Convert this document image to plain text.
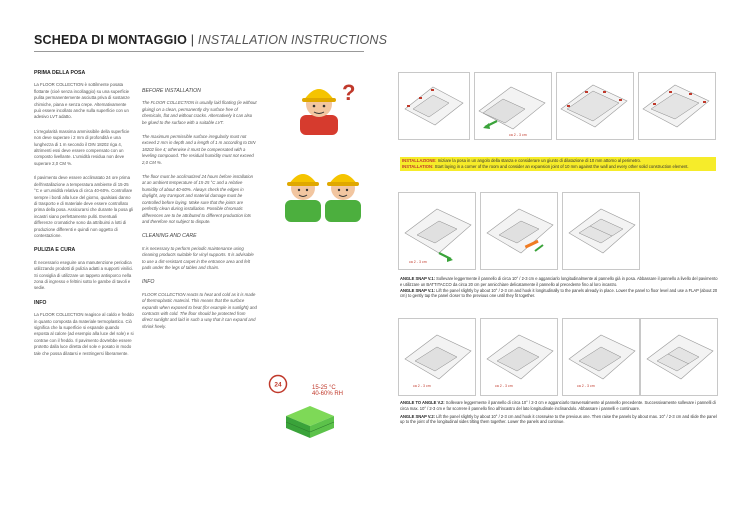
SCHEDA DI MONTAGGIO | INSTALLATION INSTRUCTIONS
PRIMA DELLA POSA
La FLOOR COLLECTION è sottilmente posata flottante (cioè senza incollaggio) su una superficie pulita permanentemente asciutta priva di sostanze chimiche, piana e senza crepe. Alternativamente può essere incollato anche sulla superficie con un adesivo LVT adatto.
L'irregolarità massima ammissibile della superficie non deve superare i 2 mm di profondità e una lunghezza di 1 m secondo il DIN 18202 riga 4, altrimenti essi deve essere compensato con un composto livellante. L'umidità residua non deve superare 2,0 CM %.
Il pavimento deve essere acclimatato 24 ore prima dell'installazione a temperatura ambiente di 15-25 °C e un'umidità relativa di circa 40-60%. Controllare sempre i bordi alla luce del giorno, qualsiasi danno di trasporto e di materiale deve essere controllato prima della posa. Assicurarsi che durante la posa gli incastri siano perfettamente puliti. Eventuali differenze cromatiche sono da attribuirsi a lotti di produzione differenti e quindi non oggetto di contestazione.
PULIZIA E CURA
È necessario eseguire una manutenzione periodica utilizzando prodotti di pulizia adatti a supporti vinilici. Si consiglia di utilizzare un tappeto antisporco nella zona di ingresso e feltrini sotto le gambe di tavoli e sedie.
INFO
La FLOOR COLLECTION reagisce al caldo e freddo in quanto composta da materiale termoplastico. Ciò significa che la superficie si espande quando esposta al calore (ad esempio alla luce del sole) e si contrae con il freddo. Il pavimento dovrebbe essere protetto dalla luce diretta del sole e posato in modo tale che possa dilatarsi e restringersi liberamente.
BEFORE INSTALLATION
The FLOOR COLLECTION is usually laid floating (ie without gluing) on a clean, permanently dry surface free of chemicals, flat and without cracks. Alternatively it can also be glued to the surface with a suitable LVT.
The maximum permissible surface irregularity must not exceed 2 mm in depth and a length of 1 m according to DIN 18202 line 4; otherwise it must be compensated with a leveling compound. The residual humidity must not exceed 2,0 CM %.
The floor must be acclimatized 24 hours before installation at an ambient temperature of 15-25 °C and a relative humidity of about 40-60%. Always check the edges in daylight, any transport and material damage must be controlled before laying. Make sure that the joints are perfectly clean during installation. Possible chromatic differences are to be attributed to different production lots and therefore not subject to dispute.
CLEANING AND CARE
It is necessary to perform periodic maintenance using cleaning products suitable for vinyl supports. It is advisable to use a dirt-resistant carpet in the entrance area and felt pads under the legs of tables and chairs.
INFO
FLOOR COLLECTION reacts to heat and cold as it is made of thermoplastic material. This means that the surface expands when exposed to heat (for example in sunlight) and contracts with cold. The floor should be protected from direct sunlight and laid in such a way that it can expand and shrink freely.
?
24	15-25 °C
40-60% RH
ca 2 - 3 cm
INSTALLAZIONE: Iniziare la posa in un angolo della stanza e considerare un giunto di dilatazione di 10 mm attorno al perimetro.
INSTALLATION: Start laying in a corner of the room and consider an expansion joint of 10 mm against the wall and every other solid construction element.
ca 2 - 3 cm
ANGLE SNAP V.1: Sollevare leggermente il pannello di circa 10° / 2-3 cm e agganciarlo longitudinalmente al pannello già in posa. Abbassare il pannello a livello del pavimento e utilizzare un BATTITACCO da circa 20 cm per annicchiare delicatamente il pannello al precedente fino al loro incastro.
ANGLE SNAP V.1: Lift the panel slightly by about 10° / 2-3 cm and hook it longitudinally to the panels already in place. Lower the panel to floor level and use a FLAP (about 20 cm) to gently tap the panel closer to the previous one until they fit together.
ca 2 - 3 cm	ca 2 - 3 cm	ca 2 - 3 cm
ANGLE TO ANGLE V.2: Sollevare leggermente il pannello di circa 10° / 2-3 cm e agganciarlo trasversalmente al pannello precedente. Successivamente sollevare i pannelli di circa max. 10° / 2-3 cm e far scorrere il pannello fino all'incastro del lato longitudinale inclinandolo. Abbassare i pannelli e continuare.
ANGLE SNAP V.2: Lift the panel slightly by about 10° / 2-3 cm and hook it crosswise to the previous one. Then raise the panels by about max. 10° / 2-3 cm and slide the panel up to the joint of the longitudinal sides tilting them together. Lower the panels and continue.
